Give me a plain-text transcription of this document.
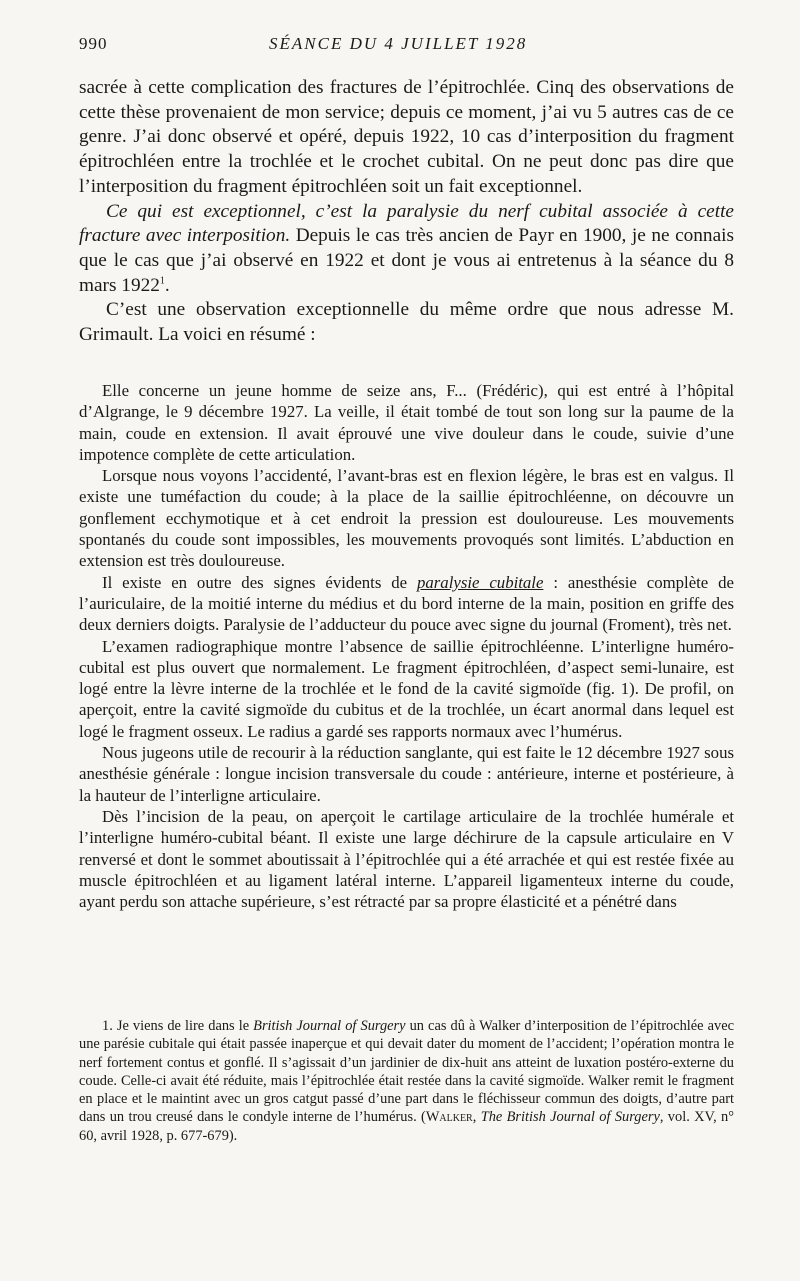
990	SÉANCE DU 4 JUILLET 1928

sacrée à cette complication des fractures de l’épitrochlée. Cinq des observations de cette thèse provenaient de mon service; depuis ce moment, j’ai vu 5 autres cas de ce genre. J’ai donc observé et opéré, depuis 1922, 10 cas d’interposition du fragment épitrochléen entre la trochlée et le crochet cubital. On ne peut donc pas dire que l’interposition du fragment épitrochléen soit un fait exceptionnel.

Ce qui est exceptionnel, c’est la paralysie du nerf cubital associée à cette fracture avec interposition. Depuis le cas très ancien de Payr en 1900, je ne connais que le cas que j’ai observé en 1922 et dont je vous ai entretenus à la séance du 8 mars 1922$^1$.

C’est une observation exceptionnelle du même ordre que nous adresse M. Grimault. La voici en résumé :

Elle concerne un jeune homme de seize ans, F... (Frédéric), qui est entré à l’hôpital d’Algrange, le 9 décembre 1927. La veille, il était tombé de tout son long sur la paume de la main, coude en extension. Il avait éprouvé une vive douleur dans le coude, suivie d’une impotence complète de cette articulation.

Lorsque nous voyons l’accidenté, l’avant-bras est en flexion légère, le bras est en valgus. Il existe une tuméfaction du coude; à la place de la saillie épitrochléenne, on découvre un gonflement ecchymotique et à cet endroit la pression est douloureuse. Les mouvements spontanés du coude sont impossibles, les mouvements provoqués sont limités. L’abduction en extension est très douloureuse.

Il existe en outre des signes évidents de paralysie cubitale : anesthésie complète de l’auriculaire, de la moitié interne du médius et du bord interne de la main, position en griffe des deux derniers doigts. Paralysie de l’adducteur du pouce avec signe du journal (Froment), très net.

L’examen radiographique montre l’absence de saillie épitrochléenne. L’interligne huméro-cubital est plus ouvert que normalement. Le fragment épitrochléen, d’aspect semi-lunaire, est logé entre la lèvre interne de la trochlée et le fond de la cavité sigmoïde (fig. 1). De profil, on aperçoit, entre la cavité sigmoïde du cubitus et de la trochlée, un écart anormal dans lequel est logé le fragment osseux. Le radius a gardé ses rapports normaux avec l’humérus.

Nous jugeons utile de recourir à la réduction sanglante, qui est faite le 12 décembre 1927 sous anesthésie générale : longue incision transversale du coude : antérieure, interne et postérieure, à la hauteur de l’interligne articulaire.

Dès l’incision de la peau, on aperçoit le cartilage articulaire de la trochlée humérale et l’interligne huméro-cubital béant. Il existe une large déchirure de la capsule articulaire en V renversé et dont le sommet aboutissait à l’épitrochlée qui a été arrachée et qui est restée fixée au muscle épitrochléen et au ligament latéral interne. L’appareil ligamenteux interne du coude, ayant perdu son attache supérieure, s’est rétracté par sa propre élasticité et a pénétré dans

1. Je viens de lire dans le British Journal of Surgery un cas dû à Walker d’interposition de l’épitrochlée avec une parésie cubitale qui était passée inaperçue et qui devait dater du moment de l’accident; l’opération montra le nerf fortement contus et gonflé. Il s’agissait d’un jardinier de dix-huit ans atteint de luxation postéro-externe du coude. Celle-ci avait été réduite, mais l’épitrochlée était restée dans la cavité sigmoïde. Walker remit le fragment en place et le maintint avec un gros catgut passé d’une part dans le fléchisseur commun des doigts, d’autre part dans un trou creusé dans le condyle interne de l’humérus. (Walker, The British Journal of Surgery, vol. XV, n° 60, avril 1928, p. 677-679).
